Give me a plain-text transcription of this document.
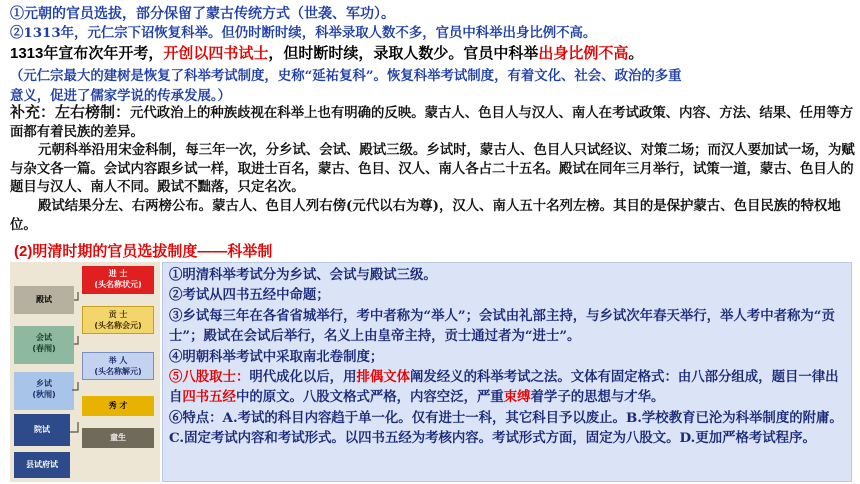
①元朝的官员选拔，部分保留了蒙古传统方式（世袭、军功）。
②1313年，元仁宗下诏恢复科举。但仍时断时续，科举录取人数不多，官员中科举出身比例不高。
1313年宣布次年开考，开创以四书试士，但时断时续，录取人数少。官员中科举出身比例不高。
（元仁宗最大的建树是恢复了科举考试制度，史称“延祐复科”。恢复科举考试制度，有着文化、社会、政治的多重
意义，促进了儒家学说的传承发展。）
补充：左右榜制：元代政治上的种族歧视在科举上也有明确的反映。蒙古人、色目人与汉人、南人在考试政策、内容、方法、结果、任用等方面都有着民族的差异。
元朝科举沿用宋金科制，每三年一次，分乡试、会试、殿试三级。乡试时，蒙古人、色目人只试经议、对策二场；而汉人要加试一场，为赋与杂文各一篇。会试内容跟乡试一样，取进士百名，蒙古、色目、汉人、南人各占二十五名。殿试在同年三月举行，试策一道，蒙古、色目人的题目与汉人、南人不同。殿试不黜落，只定名次。
殿试结果分左、右两榜公布。蒙古人、色目人列右傍(元代以右为尊)，汉人、南人五十名列左榜。其目的是保护蒙古、色目民族的特权地位。
(2)明清时期的官员选拔制度——科举制
县试府试
童生
院试
秀 才
乡试
(秋闱)
举 人
(头名称解元)
会试
(春闱)
贡 士
(头名称会元)
殿试
进 士
(头名称状元)
①明清科举考试分为乡试、会试与殿试三级。
②考试从四书五经中命题；
③乡试每三年在各省省城举行，考中者称为“举人”；会试由礼部主持，与乡试次年春天举行，举人考中者称为“贡士”；殿试在会试后举行，名义上由皇帝主持，贡士通过者为“进士”。
④明朝科举考试中采取南北卷制度；
⑤八股取士：明代成化以后，用排偶文体阐发经义的科举考试之法。文体有固定格式：由八部分组成，题目一律出自四书五经中的原文。八股文格式严格，内容空泛，严重束缚着学子的思想与才华。
⑥特点：A.考试的科目内容趋于单一化。仅有进士一科，其它科目予以废止。B.学校教育已沦为科举制度的附庸。C.固定考试内容和考试形式。以四书五经为考核内容。考试形式方面，固定为八股文。D.更加严格考试程序。
